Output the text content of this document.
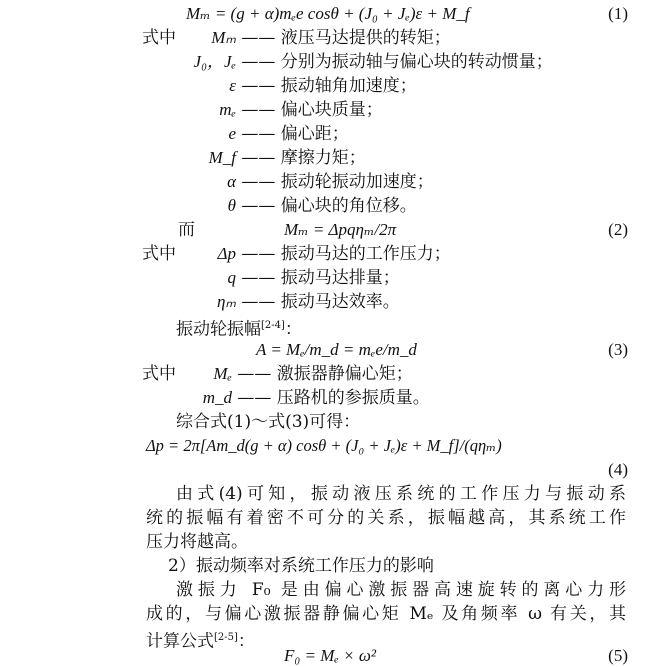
Mₘ = (g + α)mₑe cosθ + (J₀ + Jₑ)ε + M_f	(1)
式中	Mₘ —— 液压马达提供的转矩；
J₀，Jₑ —— 分别为振动轴与偏心块的转动惯量；
ε —— 振动轴角加速度；
mₑ —— 偏心块质量；
e —— 偏心距；
M_f —— 摩擦力矩；
α —— 振动轮振动加速度；
θ —— 偏心块的角位移。
而	Mₘ = Δpqηₘ/2π	(2)
式中	Δp —— 振动马达的工作压力；
q —— 振动马达排量；
ηₘ —— 振动马达效率。
振动轮振幅[2-4]：
A = Mₑ/m_d = mₑe/m_d	(3)
式中	Mₑ —— 激振器静偏心矩；
m_d —— 压路机的参振质量。
综合式(1)～式(3)可得：
Δp = 2π[Am_d(g + α) cosθ + (J₀ + Jₑ)ε + M_f]/(qηₘ)
(4)
由式(4)可知，振动液压系统的工作压力与振动系
统的振幅有着密不可分的关系，振幅越高，其系统工作
压力将越高。
2）振动频率对系统工作压力的影响
激振力 F₀ 是由偏心激振器高速旋转的离心力形
成的，与偏心激振器静偏心矩 Mₑ 及角频率 ω 有关，其
计算公式[2-5]：
F₀ = Mₑ × ω²	(5)
